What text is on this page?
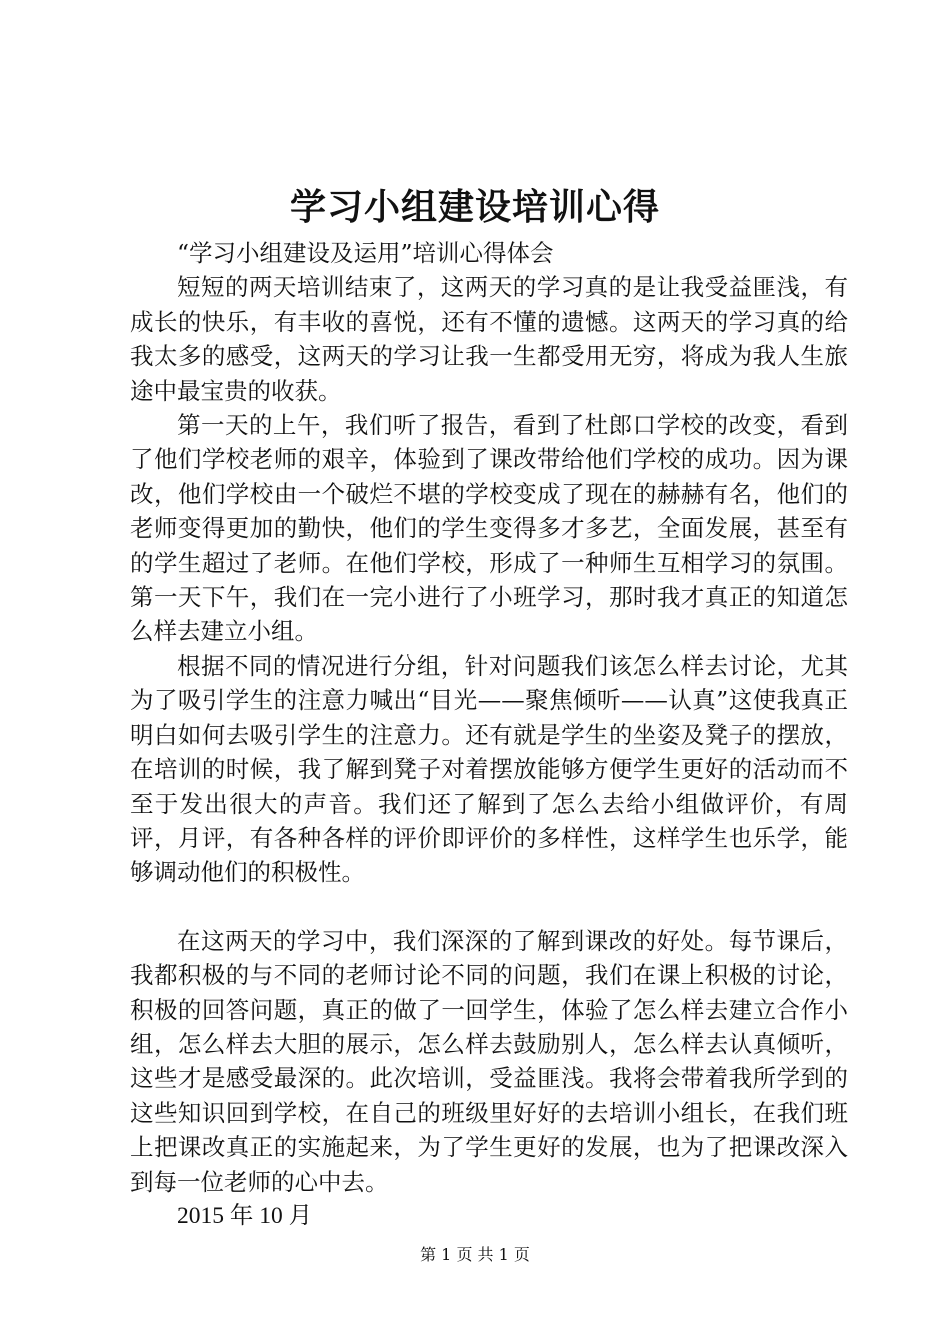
学习小组建设培训心得

“学习小组建设及运用”培训心得体会

短短的两天培训结束了，这两天的学习真的是让我受益匪浅，有成长的快乐，有丰收的喜悦，还有不懂的遗憾。这两天的学习真的给我太多的感受，这两天的学习让我一生都受用无穷，将成为我人生旅途中最宝贵的收获。

第一天的上午，我们听了报告，看到了杜郎口学校的改变，看到了他们学校老师的艰辛，体验到了课改带给他们学校的成功。因为课改，他们学校由一个破烂不堪的学校变成了现在的赫赫有名，他们的老师变得更加的勤快，他们的学生变得多才多艺，全面发展，甚至有的学生超过了老师。在他们学校，形成了一种师生互相学习的氛围。第一天下午，我们在一完小进行了小班学习，那时我才真正的知道怎么样去建立小组。

根据不同的情况进行分组，针对问题我们该怎么样去讨论，尤其为了吸引学生的注意力喊出“目光——聚焦倾听——认真”这使我真正明白如何去吸引学生的注意力。还有就是学生的坐姿及凳子的摆放，在培训的时候，我了解到凳子对着摆放能够方便学生更好的活动而不至于发出很大的声音。我们还了解到了怎么去给小组做评价，有周评，月评，有各种各样的评价即评价的多样性，这样学生也乐学，能够调动他们的积极性。

在这两天的学习中，我们深深的了解到课改的好处。每节课后，我都积极的与不同的老师讨论不同的问题，我们在课上积极的讨论，积极的回答问题，真正的做了一回学生，体验了怎么样去建立合作小组，怎么样去大胆的展示，怎么样去鼓励别人，怎么样去认真倾听，这些才是感受最深的。此次培训，受益匪浅。我将会带着我所学到的这些知识回到学校，在自己的班级里好好的去培训小组长，在我们班上把课改真正的实施起来，为了学生更好的发展，也为了把课改深入到每一位老师的心中去。

2015 年 10 月

第 1 页 共 1 页
